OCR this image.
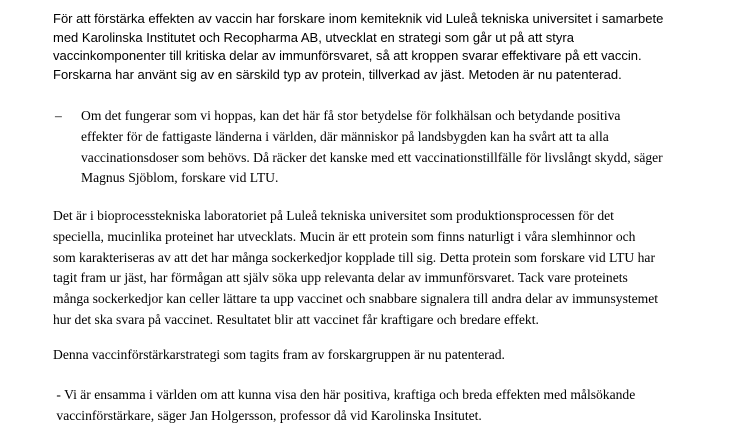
För att förstärka effekten av vaccin har forskare inom kemiteknik vid Luleå tekniska universitet i samarbete
med Karolinska Institutet och Recopharma AB, utvecklat en strategi som går ut på att styra
vaccinkomponenter till kritiska delar av immunförsvaret, så att kroppen svarar effektivare på ett vaccin.
Forskarna har använt sig av en särskild typ av protein, tillverkad av jäst. Metoden är nu patenterad.
– Om det fungerar som vi hoppas, kan det här få stor betydelse för folkhälsan och betydande positiva
effekter för de fattigaste länderna i världen, där människor på landsbygden kan ha svårt att ta alla
vaccinationsdoser som behövs. Då räcker det kanske med ett vaccinationstillfälle för livslångt skydd, säger
Magnus Sjöblom, forskare vid LTU.
Det är i bioprocesstekniska laboratoriet på Luleå tekniska universitet som produktionsprocessen för det
speciella, mucinlika proteinet har utvecklats. Mucin är ett protein som finns naturligt i våra slemhinnor och
som karakteriseras av att det har många sockerkedjor kopplade till sig. Detta protein som forskare vid LTU har
tagit fram ur jäst, har förmågan att själv söka upp relevanta delar av immunförsvaret. Tack vare proteinets
många sockerkedjor kan celler lättare ta upp vaccinet och snabbare signalera till andra delar av immunsystemet
hur det ska svara på vaccinet. Resultatet blir att vaccinet får kraftigare och bredare effekt.
Denna vaccinförstärkarstrategi som tagits fram av forskargruppen är nu patenterad.
- Vi är ensamma i världen om att kunna visa den här positiva, kraftiga och breda effekten med målsökande
vaccinförstärkare, säger Jan Holgersson, professor då vid Karolinska Insitutet.
